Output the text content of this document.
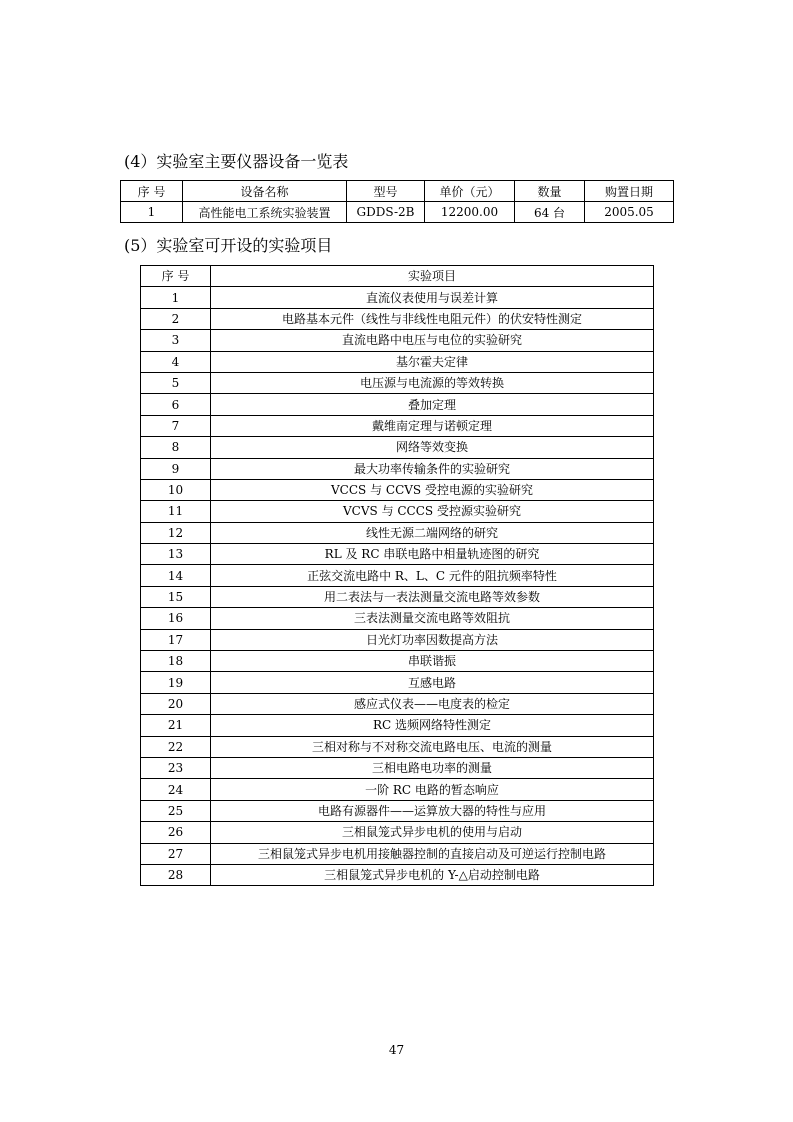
(4）实验室主要仪器设备一览表
序 号	设备名称	型号	单价（元）	数量	购置日期
1	高性能电工系统实验装置	GDDS-2B	12200.00	64 台	2005.05
(5）实验室可开设的实验项目
序 号	实验项目
1	直流仪表使用与误差计算
2	电路基本元件（线性与非线性电阻元件）的伏安特性测定
3	直流电路中电压与电位的实验研究
4	基尔霍夫定律
5	电压源与电流源的等效转换
6	叠加定理
7	戴维南定理与诺顿定理
8	网络等效变换
9	最大功率传输条件的实验研究
10	VCCS 与 CCVS 受控电源的实验研究
11	VCVS 与 CCCS 受控源实验研究
12	线性无源二端网络的研究
13	RL 及 RC 串联电路中相量轨迹图的研究
14	正弦交流电路中 R、L、C 元件的阻抗频率特性
15	用二表法与一表法测量交流电路等效参数
16	三表法测量交流电路等效阻抗
17	日光灯功率因数提高方法
18	串联谐振
19	互感电路
20	感应式仪表——电度表的检定
21	RC 选频网络特性测定
22	三相对称与不对称交流电路电压、电流的测量
23	三相电路电功率的测量
24	一阶 RC 电路的暂态响应
25	电路有源器件——运算放大器的特性与应用
26	三相鼠笼式异步电机的使用与启动
27	三相鼠笼式异步电机用接触器控制的直接启动及可逆运行控制电路
28	三相鼠笼式异步电机的 Y-△启动控制电路
47
